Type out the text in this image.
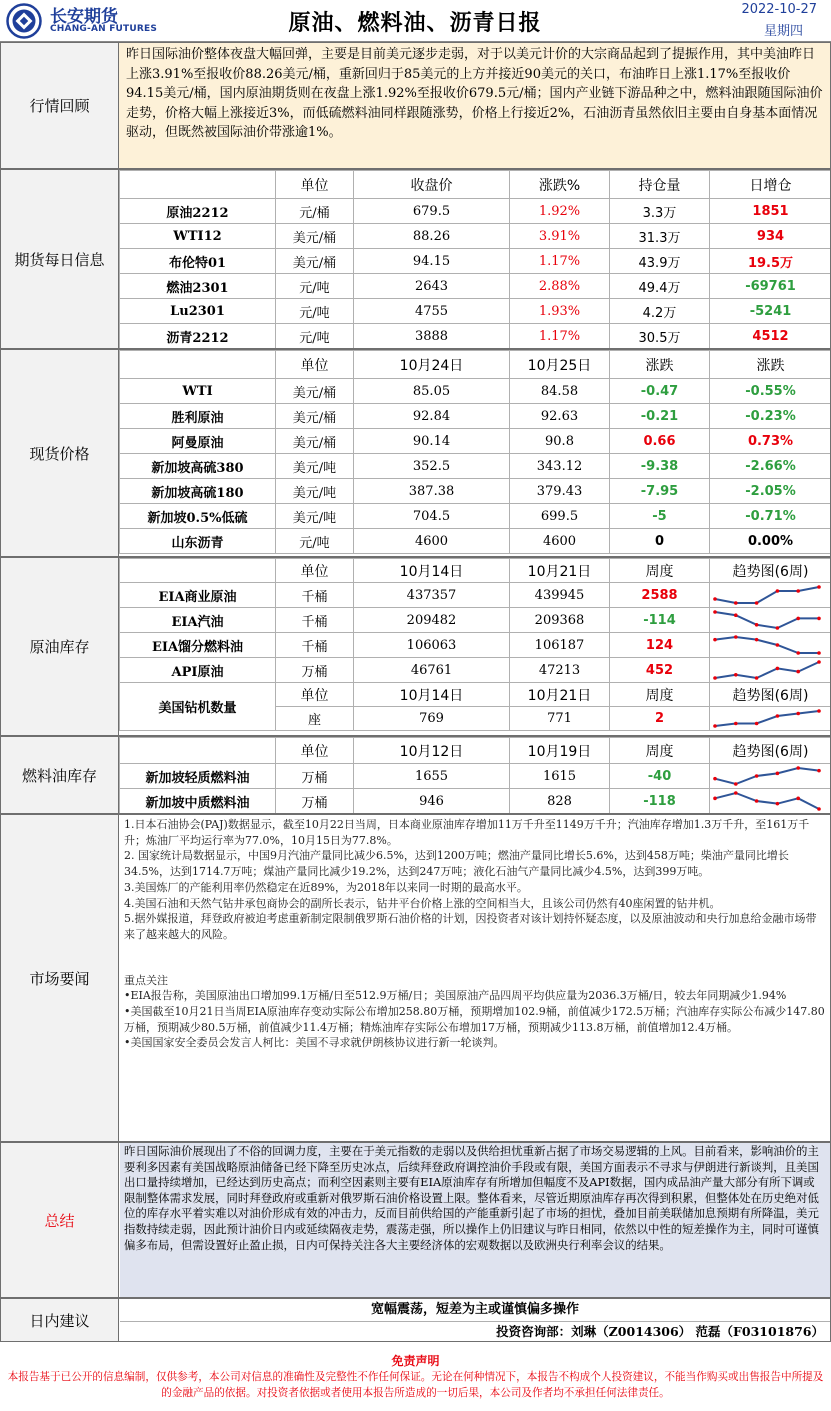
长安期货
CHANG-AN FUTURES	原油、燃料油、沥青日报
2022-10-27
星期四
行情回顾
昨日国际油价整体夜盘大幅回弹，主要是目前美元逐步走弱，对于以美元计价的大宗商品起到了提振作用，其中美油昨日上涨3.91%至报收价88.26美元/桶，重新回归于85美元的上方并接近90美元的关口，布油昨日上涨1.17%至报收价94.15美元/桶，国内原油期货则在夜盘上涨1.92%至报收价679.5元/桶；国内产业链下游品种之中，燃料油跟随国际油价走势，价格大幅上涨接近3%，而低硫燃料油同样跟随涨势，价格上行接近2%，石油沥青虽然依旧主要由自身基本面情况驱动，但既然被国际油价带涨逾1%。
期货每日信息
	单位	收盘价	涨跌%	持仓量	日增仓
原油2212	元/桶	679.5	1.92%	3.3万	1851
WTI12	美元/桶	88.26	3.91%	31.3万	934
布伦特01	美元/桶	94.15	1.17%	43.9万	19.5万
燃油2301	元/吨	2643	2.88%	49.4万	-69761
Lu2301	元/吨	4755	1.93%	4.2万	-5241
沥青2212	元/吨	3888	1.17%	30.5万	4512
现货价格
	单位	10月24日	10月25日	涨跌	涨跌
WTI	美元/桶	85.05	84.58	-0.47	-0.55%
胜利原油	美元/桶	92.84	92.63	-0.21	-0.23%
阿曼原油	美元/桶	90.14	90.8	0.66	0.73%
新加坡高硫380	美元/吨	352.5	343.12	-9.38	-2.66%
新加坡高硫180	美元/吨	387.38	379.43	-7.95	-2.05%
新加坡0.5%低硫	美元/吨	704.5	699.5	-5	-0.71%
山东沥青	元/吨	4600	4600	0	0.00%
原油库存
	单位	10月14日	10月21日	周度	趋势图(6周)
EIA商业原油	千桶	437357	439945	2588	

EIA汽油	千桶	209482	209368	-114	

EIA馏分燃料油	千桶	106063	106187	124	

API原油	万桶	46761	47213	452	

美国钻机数量	单位	10月14日	10月21日	周度	趋势图(6周)
	座	769	771	2	
燃料油库存
	单位	10月12日	10月19日	周度	趋势图(6周)
新加坡轻质燃料油	万桶	1655	1615	-40	

新加坡中质燃料油	万桶	946	828	-118	
市场要闻
1.日本石油协会(PAJ)数据显示，截至10月22日当周，日本商业原油库存增加11万千升至1149万千升；汽油库存增加1.3万千升，至161万千升；炼油厂平均运行率为77.0%，10月15日为77.8%。
2. 国家统计局数据显示，中国9月汽油产量同比减少6.5%，达到1200万吨；燃油产量同比增长5.6%，达到458万吨；柴油产量同比增长34.5%，达到1714.7万吨；煤油产量同比减少19.2%，达到247万吨；液化石油气产量同比减少4.5%，达到399万吨。
3.美国炼厂的产能利用率仍然稳定在近89%，为2018年以来同一时期的最高水平。
4.美国石油和天然气钻井承包商协会的副所长表示，钻井平台价格上涨的空间相当大，且该公司仍然有40座闲置的钻井机。
5.据外媒报道，拜登政府被迫考虑重新制定限制俄罗斯石油价格的计划，因投资者对该计划持怀疑态度，以及原油波动和央行加息给金融市场带来了越来越大的风险。
重点关注
•EIA报告称，美国原油出口增加99.1万桶/日至512.9万桶/日；美国原油产品四周平均供应量为2036.3万桶/日，较去年同期减少1.94%
•美国截至10月21日当周EIA原油库存变动实际公布增加258.80万桶，预期增加102.9桶，前值减少172.5万桶；汽油库存实际公布减少147.80万桶，预期减少80.5万桶，前值减少11.4万桶；精炼油库存实际公布增加17万桶，预期减少113.8万桶，前值增加12.4万桶。
•美国国家安全委员会发言人柯比：美国不寻求就伊朗核协议进行新一轮谈判。
总结
昨日国际油价展现出了不俗的回调力度，主要在于美元指数的走弱以及供给担忧重新占据了市场交易逻辑的上风。目前看来，影响油价的主要利多因素有美国战略原油储备已经下降至历史冰点，后续拜登政府调控油价手段或有限，美国方面表示不寻求与伊朗进行新谈判，且美国出口量持续增加，已经达到历史高点；而利空因素则主要有EIA原油库存有所增加但幅度不及API数据，国内成品油产量大部分有所下调或限制整体需求发展，同时拜登政府或重新对俄罗斯石油价格设置上限。整体看来，尽管近期原油库存再次得到积累，但整体处在历史绝对低位的库存水平着实难以对油价形成有效的冲击力，反而目前供给国的产能重新引起了市场的担忧，叠加目前美联储加息预期有所降温，美元指数持续走弱，因此预计油价日内或延续隔夜走势，震荡走强，所以操作上仍旧建议与昨日相同，依然以中性的短差操作为主，同时可谨慎偏多布局，但需设置好止盈止损，日内可保持关注各大主要经济体的宏观数据以及欧洲央行利率会议的结果。
日内建议
宽幅震荡，短差为主或谨慎偏多操作
投资咨询部：刘琳（Z0014306） 范磊（F03101876）
免责声明
本报告基于已公开的信息编制，仅供参考，本公司对信息的准确性及完整性不作任何保证。无论在何种情况下，本报告不构成个人投资建议，不能当作购买或出售报告中所提及的金融产品的依据。对投资者依据或者使用本报告所造成的一切后果，本公司及作者均不承担任何法律责任。
